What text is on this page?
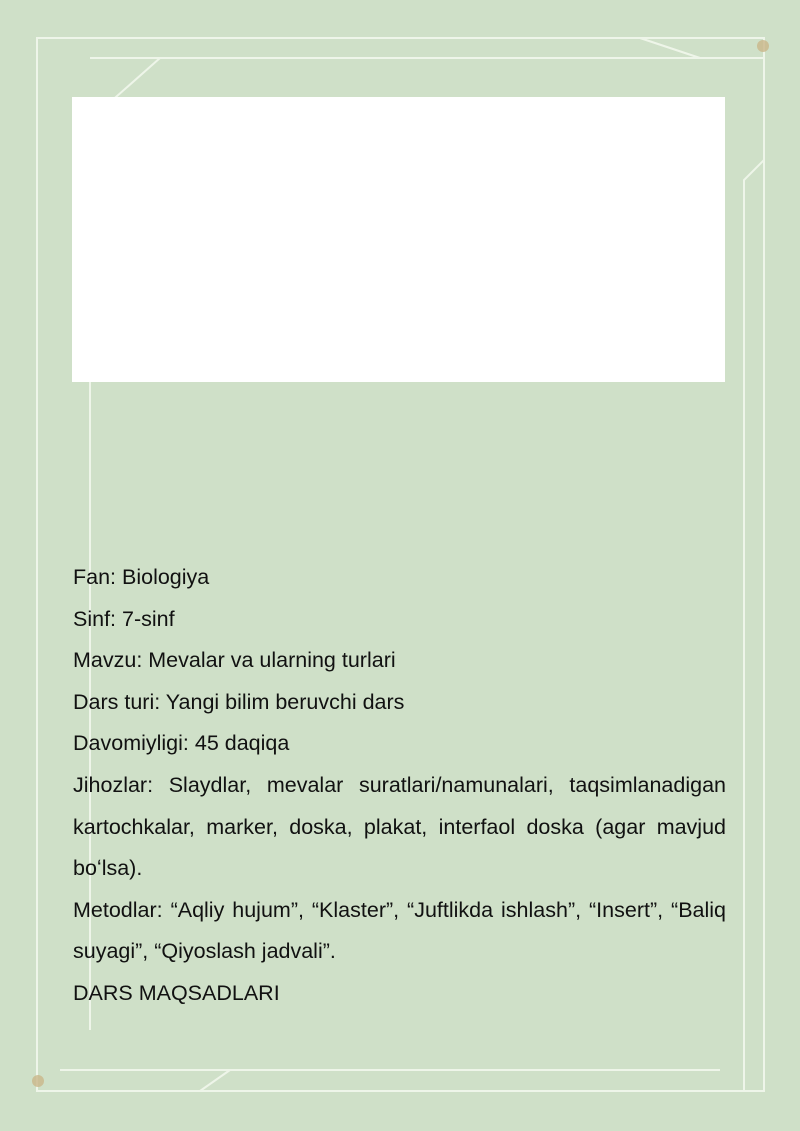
Fan: Biologiya

Sinf: 7-sinf

Mavzu: Mevalar va ularning turlari

Dars turi: Yangi bilim beruvchi dars

Davomiyligi: 45 daqiqa

Jihozlar: Slaydlar, mevalar suratlari/namunalari, taqsimlanadigan kartochkalar, marker, doska, plakat, interfaol doska (agar mavjud boʻlsa).

Metodlar: “Aqliy hujum”, “Klaster”, “Juftlikda ishlash”, “Insert”, “Baliq suyagi”, “Qiyoslash jadvali”.

DARS MAQSADLARI
